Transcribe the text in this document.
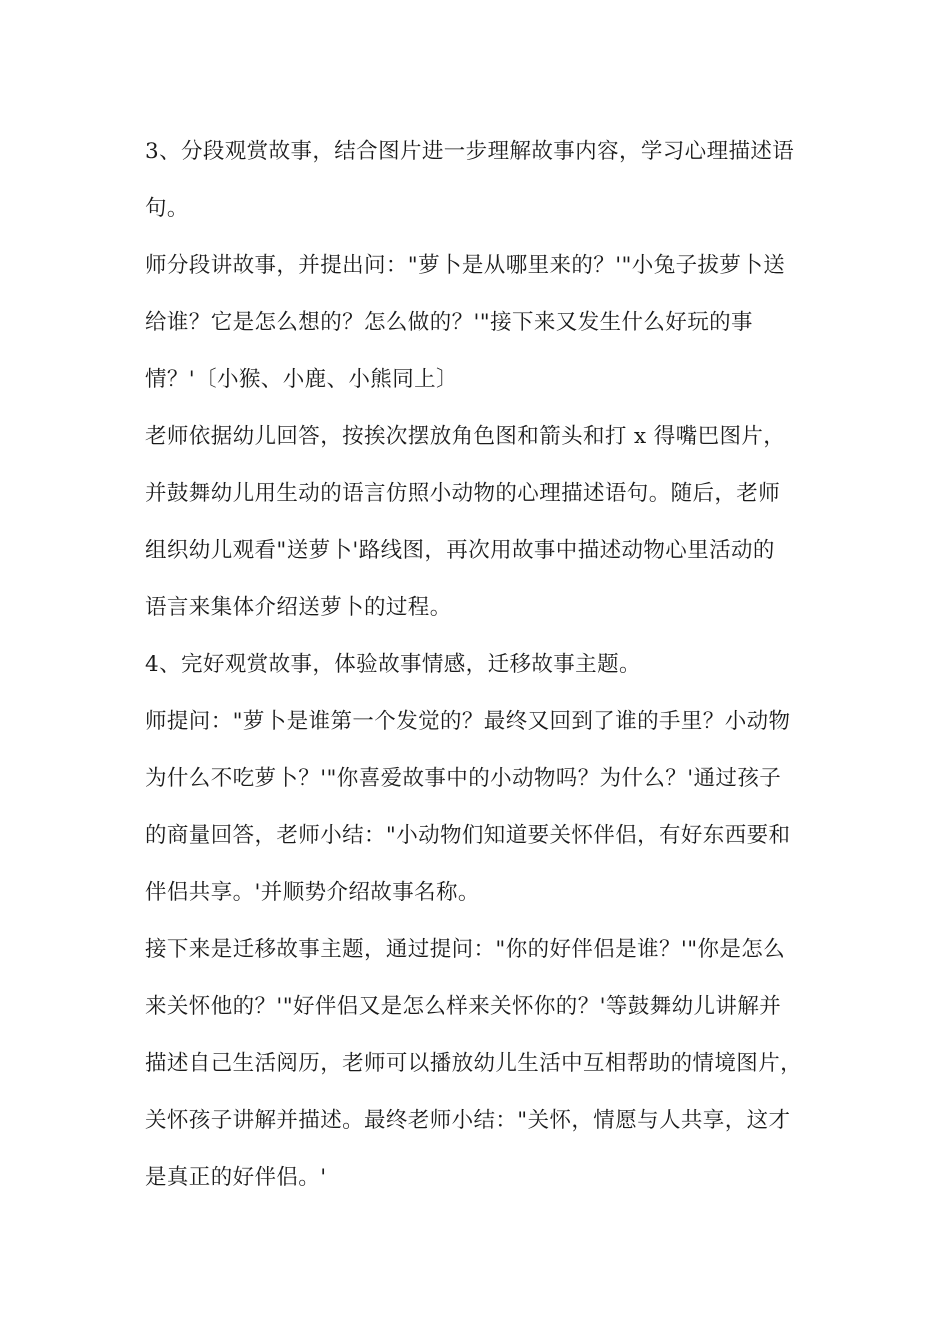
3、分段观赏故事，结合图片进一步理解故事内容，学习心理描述语
句。
师分段讲故事，并提出问："萝卜是从哪里来的？'"小兔子拔萝卜送
给谁？它是怎么想的？怎么做的？'"接下来又发生什么好玩的事
情？'〔小猴、小鹿、小熊同上〕
老师依据幼儿回答，按挨次摆放角色图和箭头和打 x 得嘴巴图片，
并鼓舞幼儿用生动的语言仿照小动物的心理描述语句。随后，老师
组织幼儿观看"送萝卜'路线图，再次用故事中描述动物心里活动的
语言来集体介绍送萝卜的过程。
4、完好观赏故事，体验故事情感，迁移故事主题。
师提问："萝卜是谁第一个发觉的？最终又回到了谁的手里？小动物
为什么不吃萝卜？'"你喜爱故事中的小动物吗？为什么？'通过孩子
的商量回答，老师小结："小动物们知道要关怀伴侣，有好东西要和
伴侣共享。'并顺势介绍故事名称。
接下来是迁移故事主题，通过提问："你的好伴侣是谁？'"你是怎么
来关怀他的？'"好伴侣又是怎么样来关怀你的？'等鼓舞幼儿讲解并
描述自己生活阅历，老师可以播放幼儿生活中互相帮助的情境图片，
关怀孩子讲解并描述。最终老师小结："关怀，情愿与人共享，这才
是真正的好伴侣。'
